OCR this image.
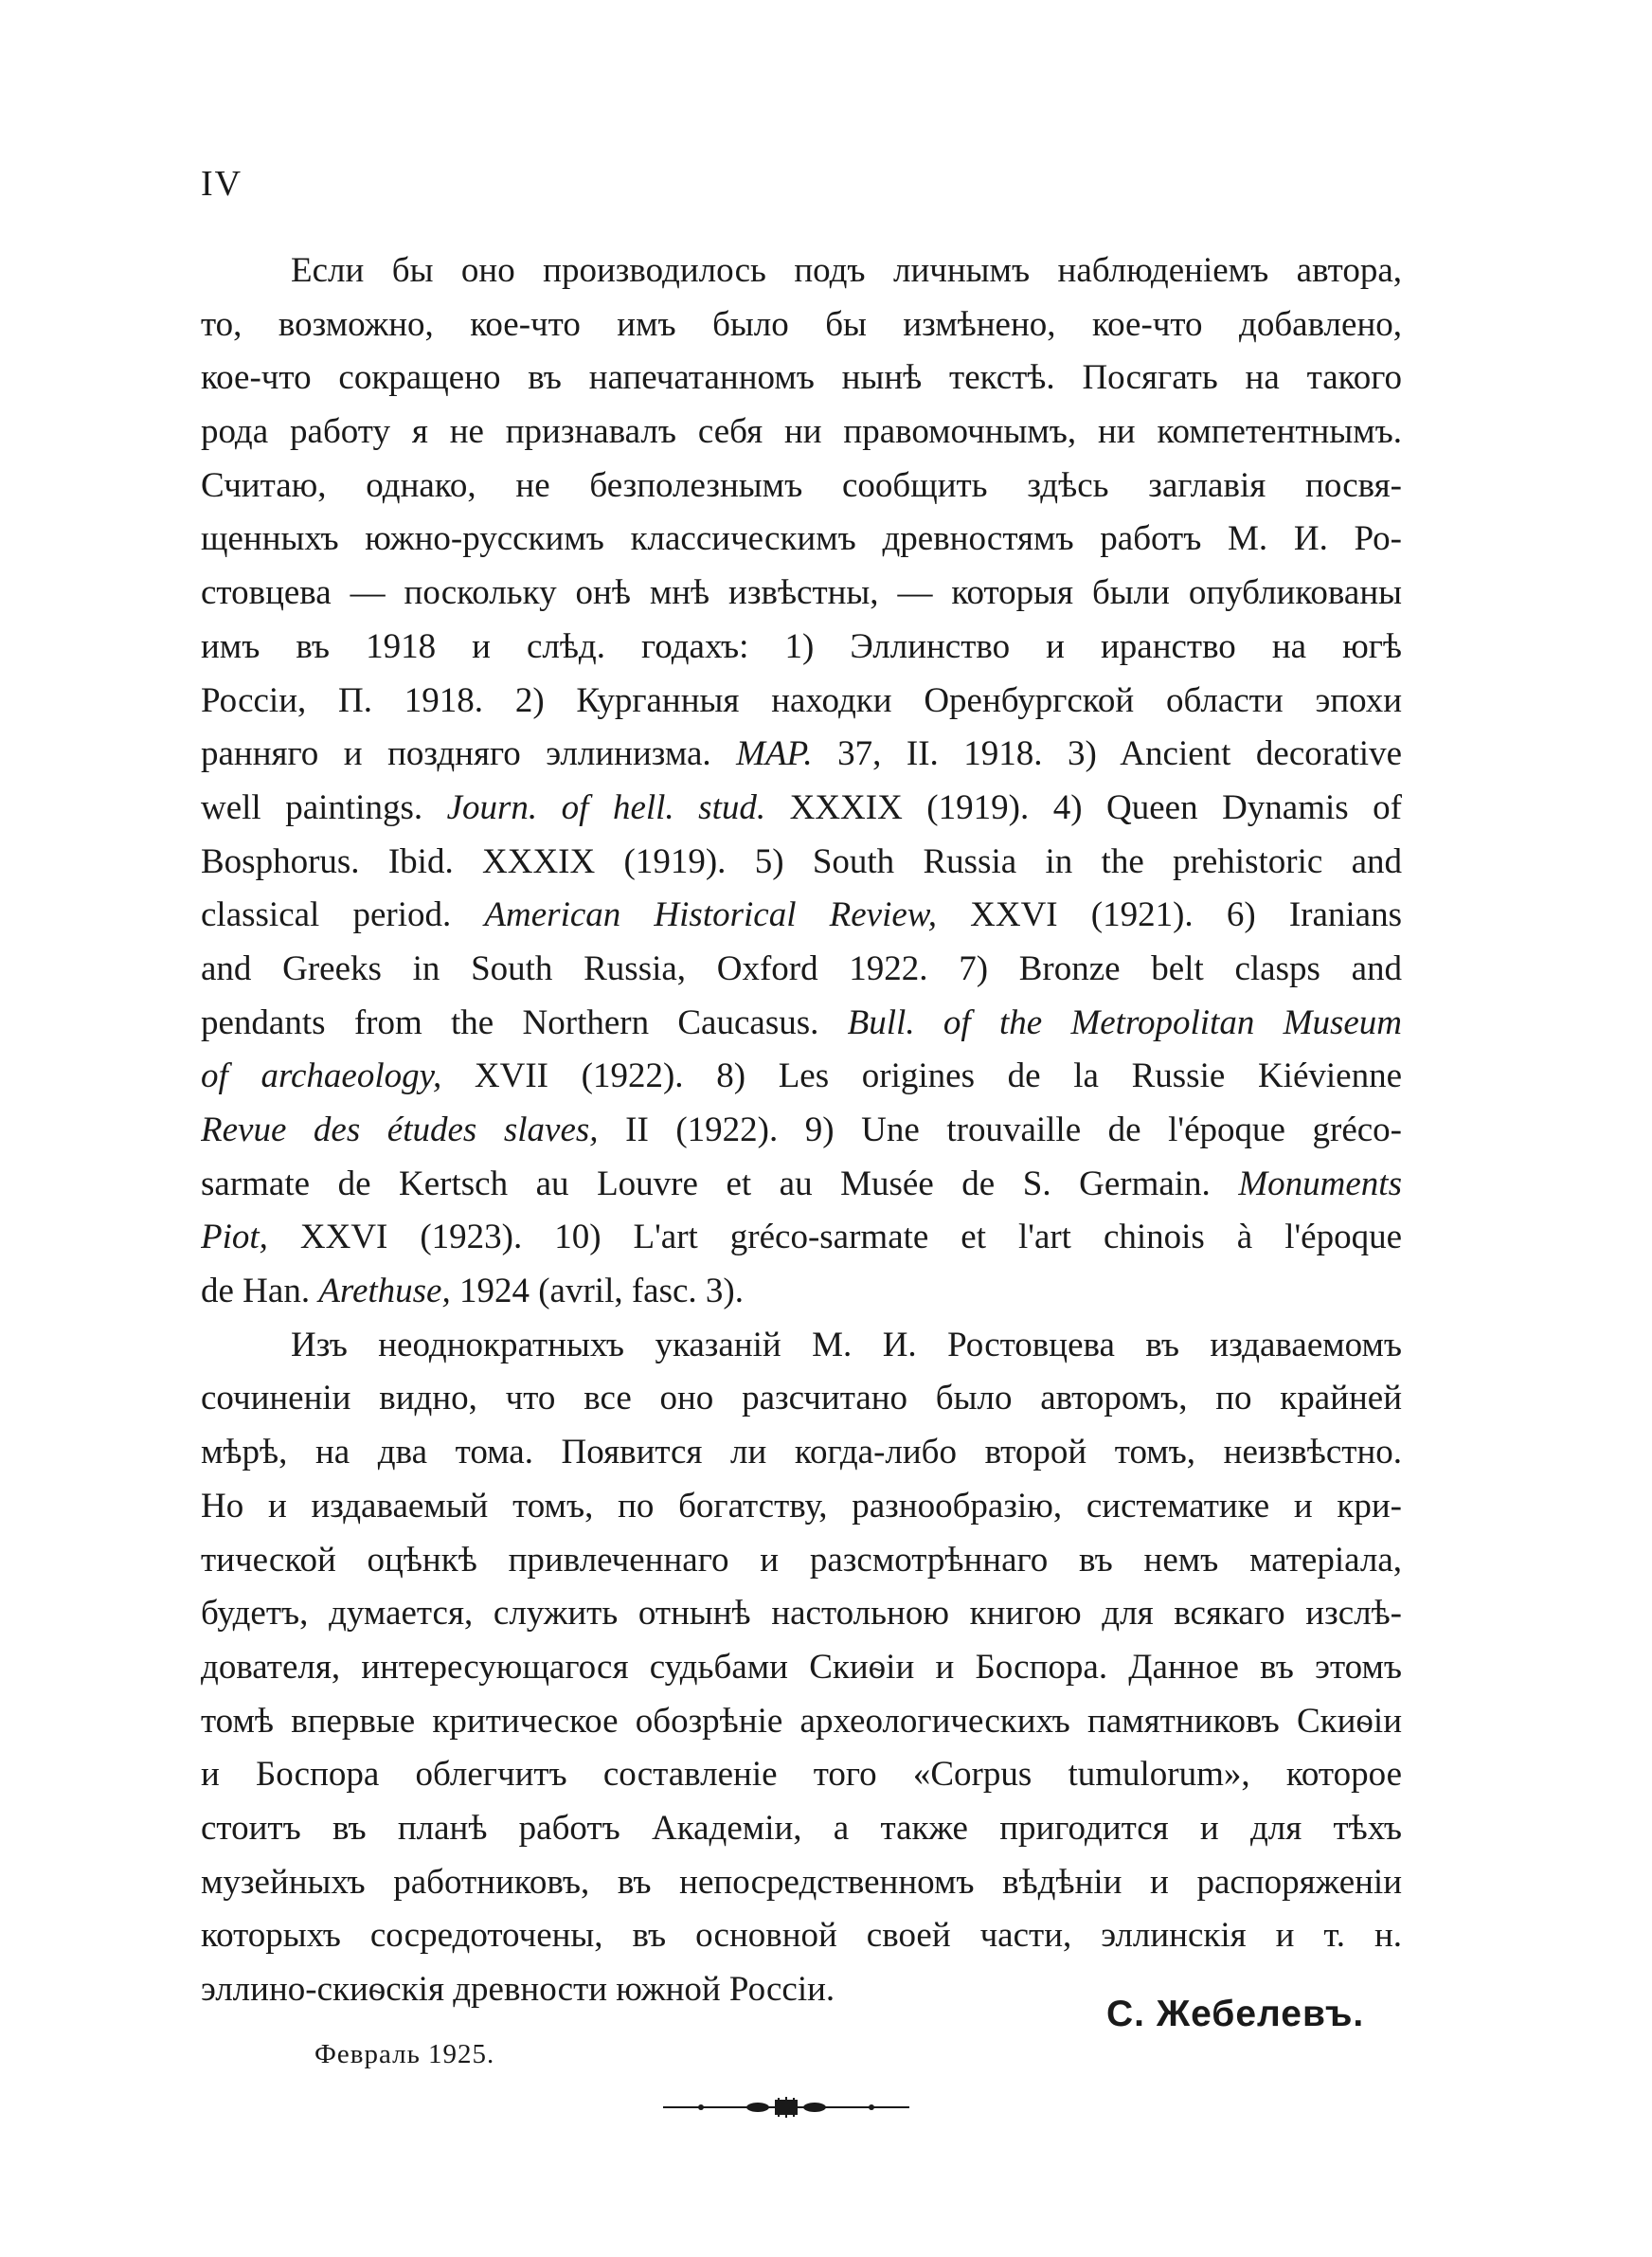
IV
Если бы оно производилось подъ личнымъ наблюденіемъ автора,
то, возможно, кое-что имъ было бы измѣнено, кое-что добавлено,
кое-что сокращено въ напечатанномъ нынѣ текстѣ. Посягать на такого
рода работу я не признавалъ себя ни правомочнымъ, ни компетентнымъ.
Считаю, однако, не безполезнымъ сообщить здѣсь заглавія посвя-
щенныхъ южно-русскимъ классическимъ древностямъ работъ М. И. Ро-
стовцева — поскольку онѣ мнѣ извѣстны, — которыя были опубликованы
имъ въ 1918 и слѣд. годахъ: 1) Эллинство и иранство на югѣ
Россіи, П. 1918. 2) Курганныя находки Оренбургской области эпохи
ранняго и поздняго эллинизма. MAP. 37, II. 1918. 3) Ancient decorative
well paintings. Journ. of hell. stud. XXXIX (1919). 4) Queen Dynamis of
Bosphorus. Ibid. XXXIX (1919). 5) South Russia in the prehistoric and
classical period. American Historical Review, XXVI (1921). 6) Iranians
and Greeks in South Russia, Oxford 1922. 7) Bronze belt clasps and
pendants from the Northern Caucasus. Bull. of the Metropolitan Museum
of archaeology, XVII (1922). 8) Les origines de la Russie Kiévienne
Revue des études slaves, II (1922). 9) Une trouvaille de l'époque gréco-
sarmate de Kertsch au Louvre et au Musée de S. Germain. Monuments
Piot, XXVI (1923). 10) L'art gréco-sarmate et l'art chinois à l'époque
de Han. Arethuse, 1924 (avril, fasc. 3).
Изъ неоднократныхъ указаній М. И. Ростовцева въ издаваемомъ
сочиненіи видно, что все оно разсчитано было авторомъ, по крайней
мѣрѣ, на два тома. Появится ли когда-либо второй томъ, неизвѣстно.
Но и издаваемый томъ, по богатству, разнообразію, систематике и кри-
тической оцѣнкѣ привлеченнаго и разсмотрѣннаго въ немъ матеріала,
будетъ, думается, служить отнынѣ настольною книгою для всякаго изслѣ-
дователя, интересующагося судьбами Скиѳіи и Боспора. Данное въ этомъ
томѣ впервые критическое обозрѣніе археологическихъ памятниковъ Скиѳіи
и Боспора облегчитъ составленіе того «Corpus tumulorum», которое
стоитъ въ планѣ работъ Академіи, а также пригодится и для тѣхъ
музейныхъ работниковъ, въ непосредственномъ вѣдѣніи и распоряженіи
которыхъ сосредоточены, въ основной своей части, эллинскія и т. н.
эллино-скиѳскія древности южной Россіи.
С. Жебелевъ.
Февраль 1925.
